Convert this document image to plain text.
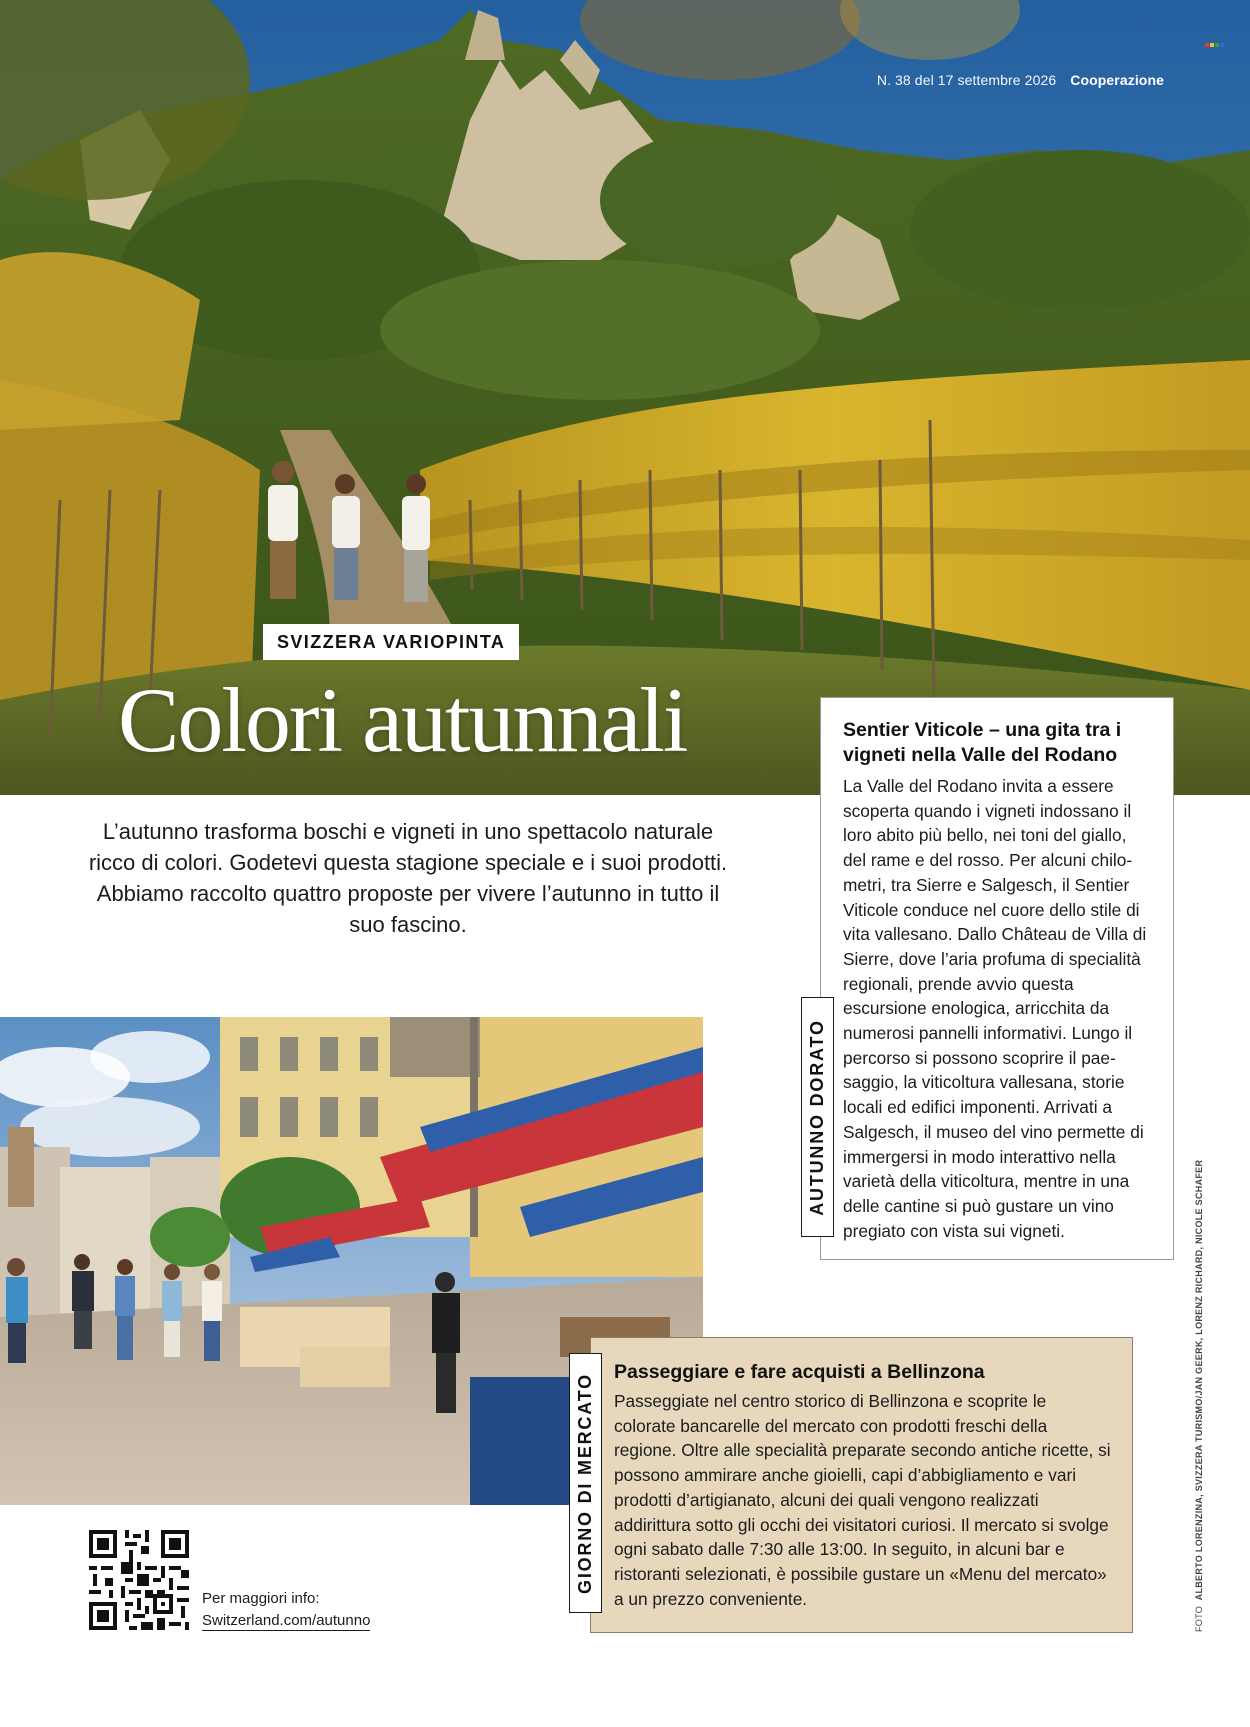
N. 38 del 17 settembre 2026 Cooperazione
SVIZZERA VARIOPINTA
Colori autunnali

L’autunno trasforma boschi e vigneti in uno spettacolo naturale ricco di colori. Godetevi questa stagione speciale e i suoi prodotti. Abbiamo raccolto quattro proposte per vivere l’autunno in tutto il suo fascino.

Sentier Viticole – una gita tra i vigneti nella Valle del Rodano

La Valle del Rodano invita a essere scoperta quando i vigneti indossano il loro abito più bello, nei toni del giallo, del rame e del rosso. Per alcuni chilometri, tra Sierre e Salgesch, il Sentier Viticole conduce nel cuore dello stile di vita vallesano. Dallo Château de Villa di Sierre, dove l’aria profuma di specialità regionali, prende avvio questa escursione enologica, arricchita da numerosi pannelli informativi. Lungo il percorso si possono scoprire il paesaggio, la viticoltura vallesana, storie locali ed edifici imponenti. Arrivati a Salgesch, il museo del vino permette di immergersi in modo interattivo nella varietà della viticoltura, mentre in una delle cantine si può gustare un vino pregiato con vista sui vigneti.

AUTUNNO DORATO
Passeggiare e fare acquisti a Bellinzona

Passeggiate nel centro storico di Bellinzona e scoprite le colorate bancarelle del mercato con prodotti freschi della regione. Oltre alle specialità preparate secondo antiche ricette, si possono ammirare anche gioielli, capi d’abbigliamento e vari prodotti d’artigianato, alcuni dei quali vengono realizzati addirittura sotto gli occhi dei visitatori curiosi. Il mercato si svolge ogni sabato dalle 7:30 alle 13:00. In seguito, in alcuni bar e ristoranti selezionati, è possibile gustare un «Menu del mercato» a un prezzo conveniente.

GIORNO DI MERCATO
Per maggiori info:
Switzerland.com/autunno	FOTO  ALBERTO LORENZINA, SVIZZERA TURISMO/JAN GEERK, LORENZ RICHARD, NICOLE SCHAFER
